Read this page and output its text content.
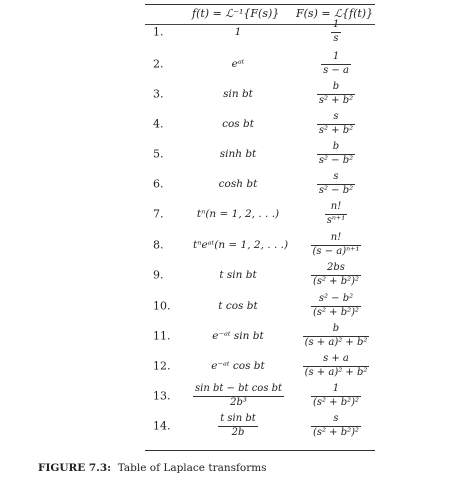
f(t) = ℒ⁻¹{F(s)} F(s) = ℒ{f(t)}
1.	1	$\frac{1}{s}$
2.	eᵃᵗ	$\frac{1}{s - a}$
3.	sin bt	$\frac{b}{\text{s² + b²}}$
4.	cos bt	$\frac{s}{\text{s² + b²}}$
5.	sinh bt	$\frac{b}{\text{s² − b²}}$
6.	cosh bt	$\frac{s}{\text{s² − b²}}$
7.	tⁿ(n = 1, 2, . . .)	$\frac{n!}{\text{sⁿ⁺¹}}$
8.	tⁿeᵃᵗ(n = 1, 2, . . .) $\frac{n!}{\text{(s − a)ⁿ⁺¹}}$
9.	t sin bt	$\frac{2bs}{\text{(s² + b²)²}}$
10.	t cos bt	$\frac{\text{s² − b²}}{\text{(s² + b²)²}}$
11.	e⁻ᵃᵗ sin bt	$\frac{b}{\text{(s + a)² + b²}}$
12.	e⁻ᵃᵗ cos bt	$\frac{s + a}{\text{(s + a)² + b²}}$
13. $\frac{\text{sin bt − bt cos bt}}{\text{2b³}}$	$\frac{1}{\text{(s² + b²)²}}$
14.	$\frac{\text{t sin bt}}{2b}$	$\frac{s}{\text{(s² + b²)²}}$
FIGURE 7.3: Table of Laplace transforms
